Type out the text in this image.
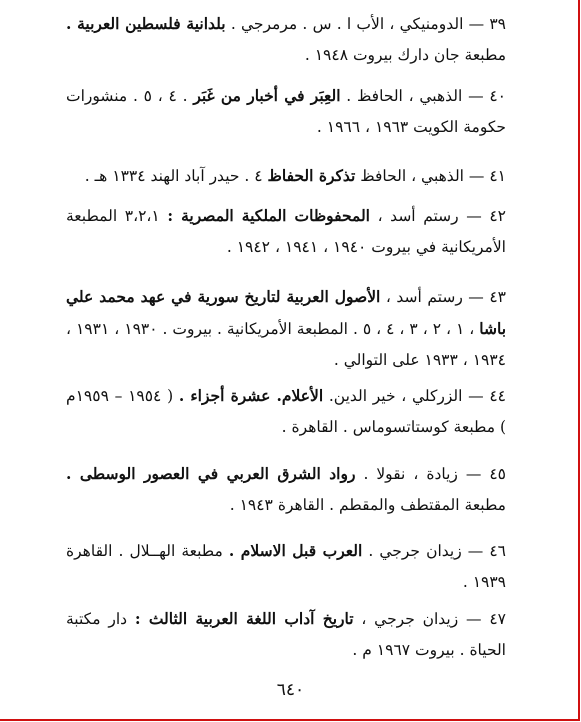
٣٩ — الدومنيكي ، الأب ا . س . مرمرجي . بلدانية فلسطين العربية . مطبعة جان دارك بيروت ١٩٤٨ .
٤٠ — الذهبي ، الحافظ . العِبَر في أخبار من غَبَر . ٤ ، ٥ . منشورات حكومة الكويت ١٩٦٣ ، ١٩٦٦ .
٤١ — الذهبي ، الحافظ تذكرة الحفاظ ٤ . حيدر آباد الهند ١٣٣٤ هـ .
٤٢ — رستم أسد ، المحفوظات الملكية المصرية : ٣،٢،١ المطبعة الأمريكانية في بيروت ١٩٤٠ ، ١٩٤١ ، ١٩٤٢ .
٤٣ — رستم أسد ، الأصول العربية لتاريخ سورية في عهد محمد علي باشا ، ١ ، ٢ ، ٣ ، ٤ ، ٥ . المطبعة الأمريكانية . بيروت . ١٩٣٠ ، ١٩٣١ ، ١٩٣٤ ، ١٩٣٣ على التوالي .
٤٤ — الزركلي ، خير الدين. الأعلام. عشرة أجزاء . ( ١٩٥٤ – ١٩٥٩م ) مطبعة كوستاتسوماس . القاهرة .
٤٥ — زيادة ، نقولا . رواد الشرق العربي في العصور الوسطى . مطبعة المقتطف والمقطم . القاهرة ١٩٤٣ .
٤٦ — زيدان جرجي . العرب قبل الاسلام . مطبعة الهــلال . القاهرة ١٩٣٩ .
٤٧ — زيدان جرجي ، تاريخ آداب اللغة العربية الثالث : دار مكتبة الحياة . بيروت ١٩٦٧ م .
٦٤٠
